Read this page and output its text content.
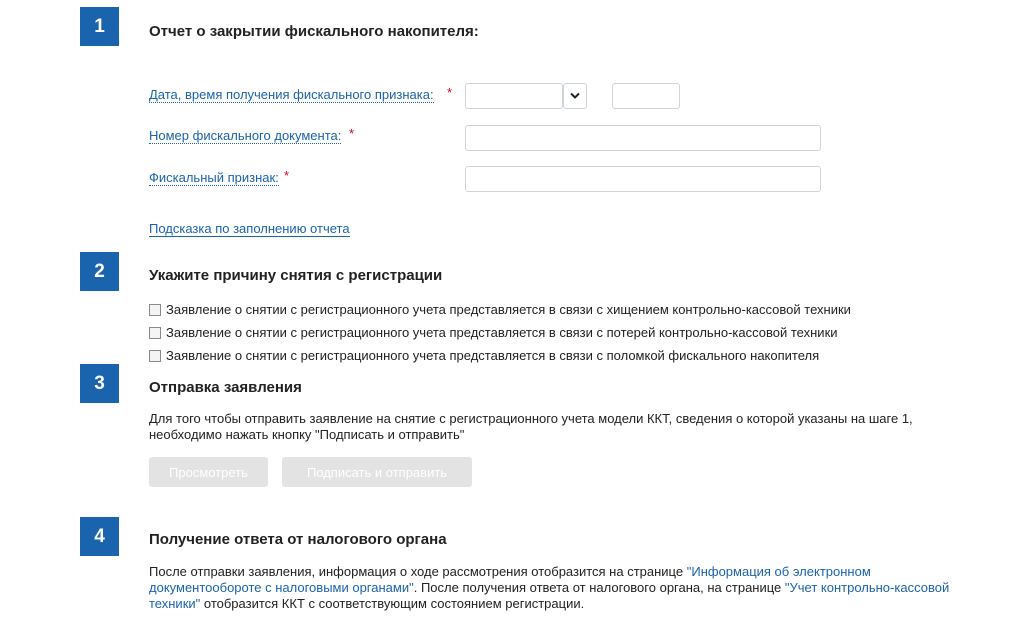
1	Отчет о закрытии фискального накопителя:
Дата, время получения фискального признака: *
Номер фискального документа: *
Фискальный признак: *
Подсказка по заполнению отчета
2	Укажите причину снятия с регистрации
Заявление о снятии с регистрационного учета представляется в связи с хищением контрольно-кассовой техники
Заявление о снятии с регистрационного учета представляется в связи с потерей контрольно-кассовой техники
Заявление о снятии с регистрационного учета представляется в связи с поломкой фискального накопителя
3	Отправка заявления
Для того чтобы отправить заявление на снятие с регистрационного учета модели ККТ, сведения о которой указаны на шаге 1,
необходимо нажать кнопку "Подписать и отправить"
Просмотреть	Подписать и отправить
4	Получение ответа от налогового органа
После отправки заявления, информация о ходе рассмотрения отобразится на странице "Информация об электронном
документообороте с налоговыми органами". После получения ответа от налогового органа, на странице "Учет контрольно-кассовой
техники" отобразится ККТ с соответствующим состоянием регистрации.
